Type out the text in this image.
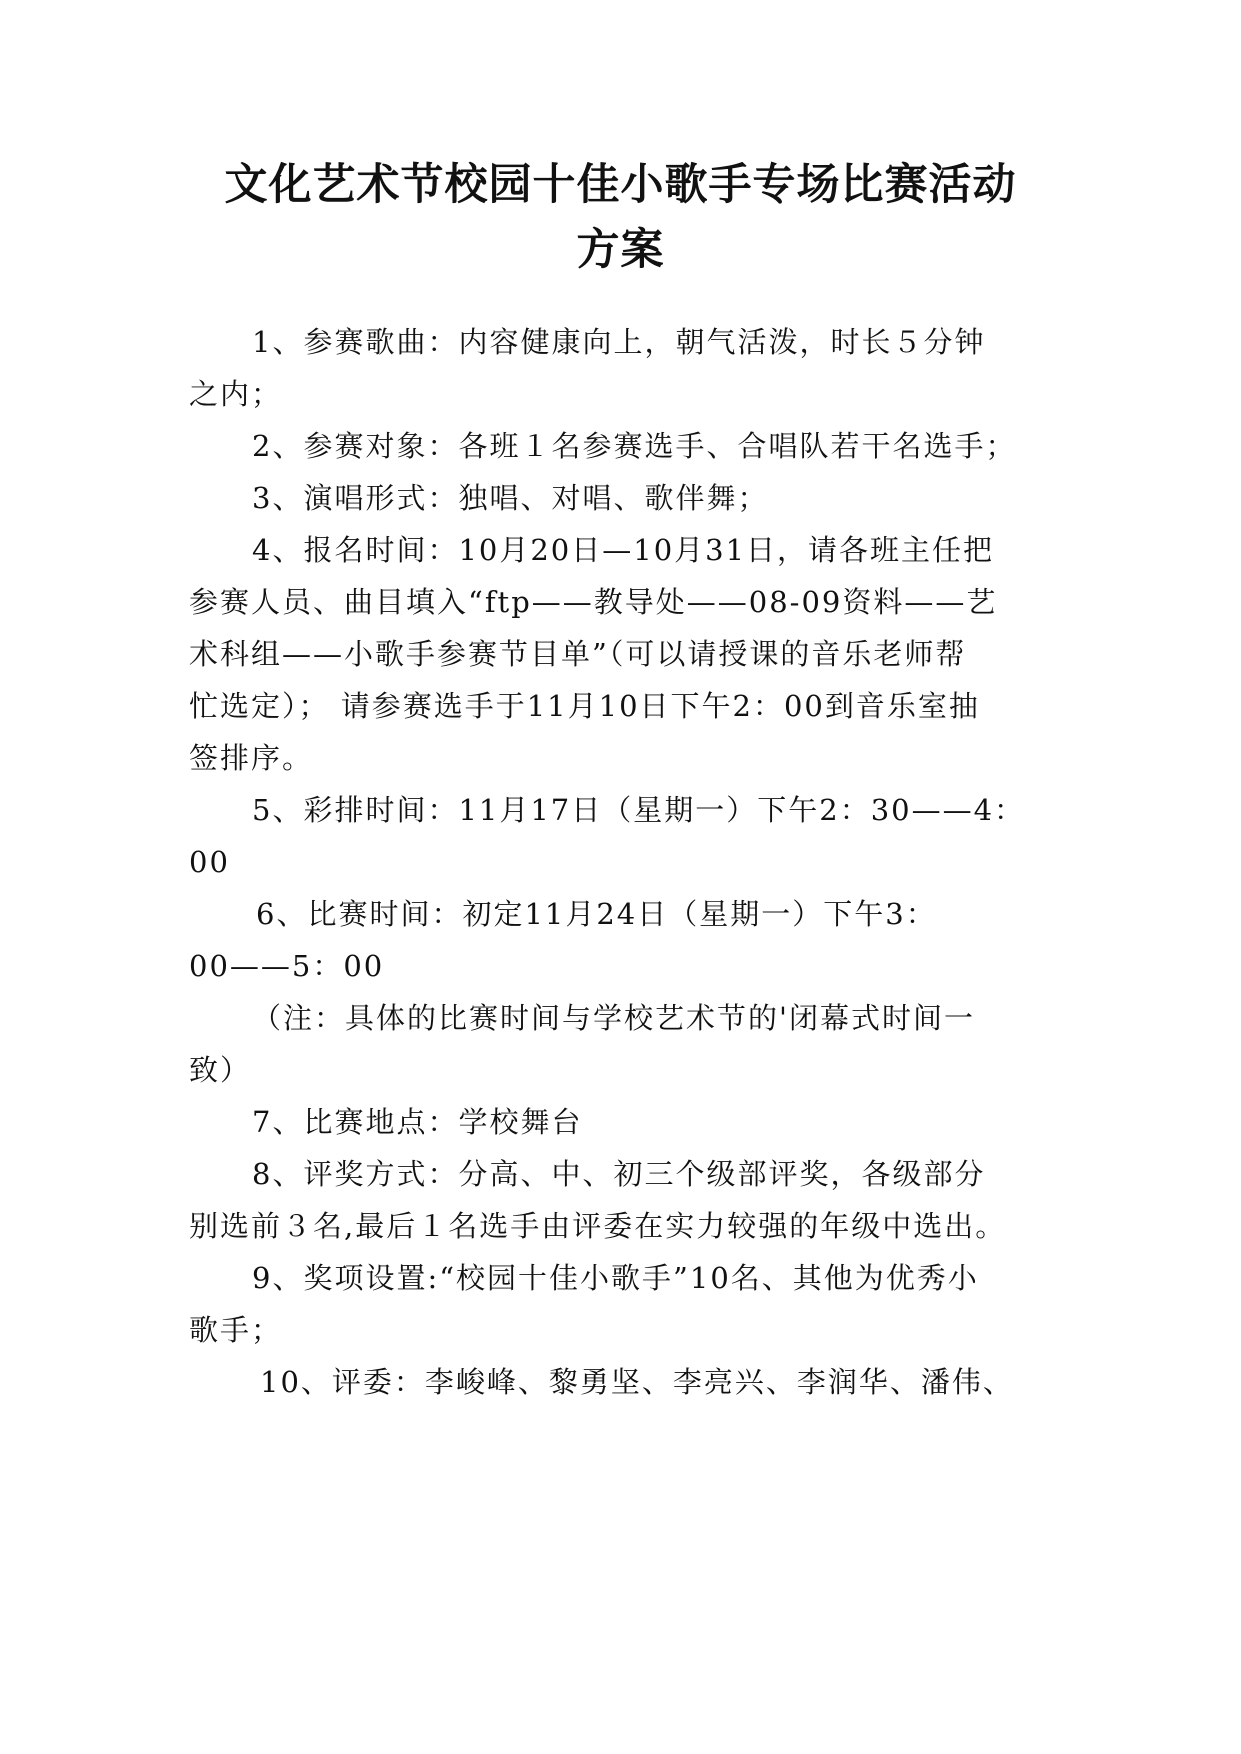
文化艺术节校园十佳小歌手专场比赛活动
方案

1、参赛歌曲：内容健康向上，朝气活泼，时长５分钟

之内；

2、参赛对象：各班１名参赛选手、合唱队若干名选手；

3、演唱形式：独唱、对唱、歌伴舞；

4、报名时间：10月20日—10月31日，请各班主任把

参赛人员、曲目填入“ftp——教导处——08-09资料——艺

术科组——小歌手参赛节目单”（可以请授课的音乐老师帮

忙选定）； 请参赛选手于11月10日下午2：00到音乐室抽

签排序。

5、彩排时间：11月17日（星期一）下午2：30——4：

00

6、比赛时间：初定11月24日（星期一）下午3：

00——5：00

（注：具体的比赛时间与学校艺术节的'闭幕式时间一

致）

7、比赛地点：学校舞台

8、评奖方式：分高、中、初三个级部评奖，各级部分

别选前３名,最后１名选手由评委在实力较强的年级中选出。

9、奖项设置:“校园十佳小歌手”10名、其他为优秀小

歌手；

10、评委：李峻峰、黎勇坚、李亮兴、李润华、潘伟、
